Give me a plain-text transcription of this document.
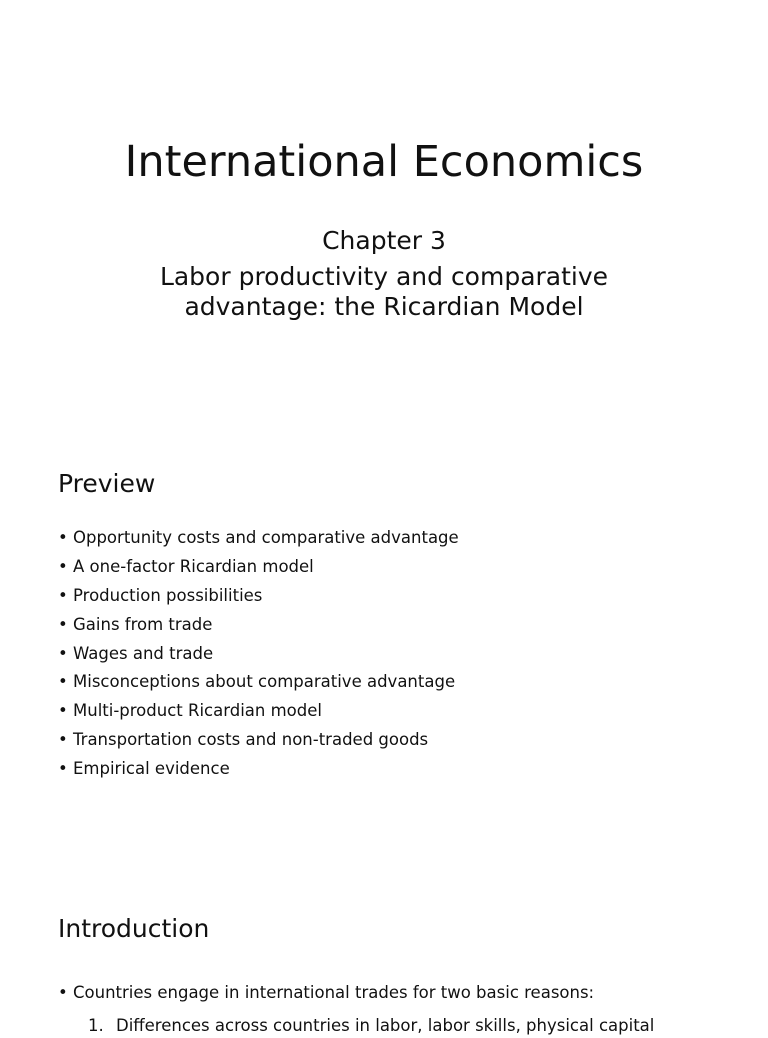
International Economics

Chapter 3

Labor productivity and comparative
advantage: the Ricardian Model

Preview
• Opportunity costs and comparative advantage
• A one-factor Ricardian model
• Production possibilities
• Gains from trade
• Wages and trade
• Misconceptions about comparative advantage
• Multi-product Ricardian model
• Transportation costs and non-traded goods
• Empirical evidence
Introduction
• Countries engage in international trades for two basic reasons:
1. Differences across countries in labor, labor skills, physical capital
